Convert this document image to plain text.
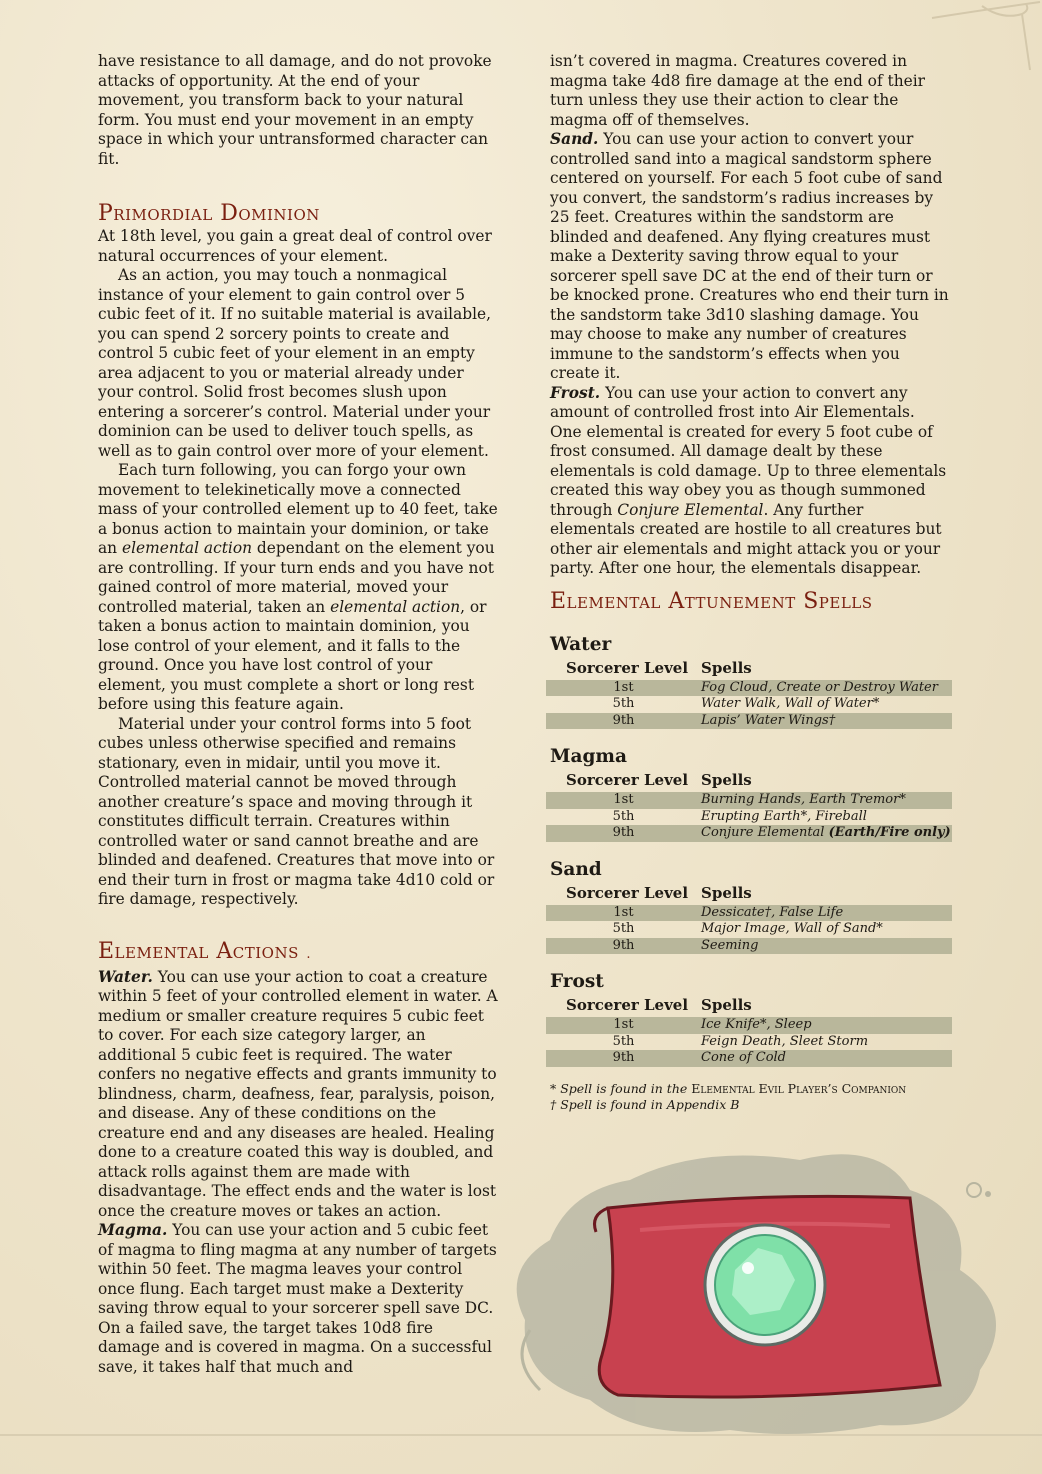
have resistance to all damage, and do not provoke attacks of opportunity. At the end of your movement, you transform back to your natural form. You must end your movement in an empty space in which your untransformed character can fit.

Primordial Dominion

At 18th level, you gain a great deal of control over natural occurrences of your element.

As an action, you may touch a nonmagical instance of your element to gain control over 5 cubic feet of it. If no suitable material is available, you can spend 2 sorcery points to create and control 5 cubic feet of your element in an empty area adjacent to you or material already under your control. Solid frost becomes slush upon entering a sorcerer’s control. Material under your dominion can be used to deliver touch spells, as well as to gain control over more of your element.

Each turn following, you can forgo your own movement to telekinetically move a connected mass of your controlled element up to 40 feet, take a bonus action to maintain your dominion, or take an elemental action dependant on the element you are controlling. If your turn ends and you have not gained control of more material, moved your controlled material, taken an elemental action, or taken a bonus action to maintain dominion, you lose control of your element, and it falls to the ground. Once you have lost control of your element, you must complete a short or long rest before using this feature again.

Material under your control forms into 5 foot cubes unless otherwise specified and remains stationary, even in midair, until you move it. Controlled material cannot be moved through another creature’s space and moving through it constitutes difficult terrain. Creatures within controlled water or sand cannot breathe and are blinded and deafened. Creatures that move into or end their turn in frost or magma take 4d10 cold or fire damage, respectively.

Elemental Actions .

Water. You can use your action to coat a creature within 5 feet of your controlled element in water. A medium or smaller creature requires 5 cubic feet to cover. For each size category larger, an additional 5 cubic feet is required. The water confers no negative effects and grants immunity to blindness, charm, deafness, fear, paralysis, poison, and disease. Any of these conditions on the creature end and any diseases are healed. Healing done to a creature coated this way is doubled, and attack rolls against them are made with disadvantage. The effect ends and the water is lost once the creature moves or takes an action.

Magma. You can use your action and 5 cubic feet of magma to fling magma at any number of targets within 50 feet. The magma leaves your control once flung. Each target must make a Dexterity saving throw equal to your sorcerer spell save DC. On a failed save, the target takes 10d8 fire damage and is covered in magma. On a successful save, it takes half that much and

isn’t covered in magma. Creatures covered in magma take 4d8 fire damage at the end of their turn unless they use their action to clear the magma off of themselves.

Sand. You can use your action to convert your controlled sand into a magical sandstorm sphere centered on yourself. For each 5 foot cube of sand you convert, the sandstorm’s radius increases by 25 feet. Creatures within the sandstorm are blinded and deafened. Any flying creatures must make a Dexterity saving throw equal to your sorcerer spell save DC at the end of their turn or be knocked prone. Creatures who end their turn in the sandstorm take 3d10 slashing damage. You may choose to make any number of creatures immune to the sandstorm’s effects when you create it.

Frost. You can use your action to convert any amount of controlled frost into Air Elementals. One elemental is created for every 5 foot cube of frost consumed. All damage dealt by these elementals is cold damage. Up to three elementals created this way obey you as though summoned through Conjure Elemental. Any further elementals created are hostile to all creatures but other air elementals and might attack you or your party. After one hour, the elementals disappear.

Elemental Attunement Spells
Water
Sorcerer Level	Spells
1st	Fog Cloud, Create or Destroy Water
5th	Water Walk, Wall of Water*
9th	Lapis’ Water Wings†
Magma
Sorcerer Level	Spells
1st	Burning Hands, Earth Tremor*
5th	Erupting Earth*, Fireball
9th	Conjure Elemental (Earth/Fire only)
Sand
Sorcerer Level	Spells
1st	Dessicate†, False Life
5th	Major Image, Wall of Sand*
9th	Seeming
Frost
Sorcerer Level	Spells
1st	Ice Knife*, Sleep
5th	Feign Death, Sleet Storm
9th	Cone of Cold
* Spell is found in the Elemental Evil Player’s Companion
† Spell is found in Appendix B
